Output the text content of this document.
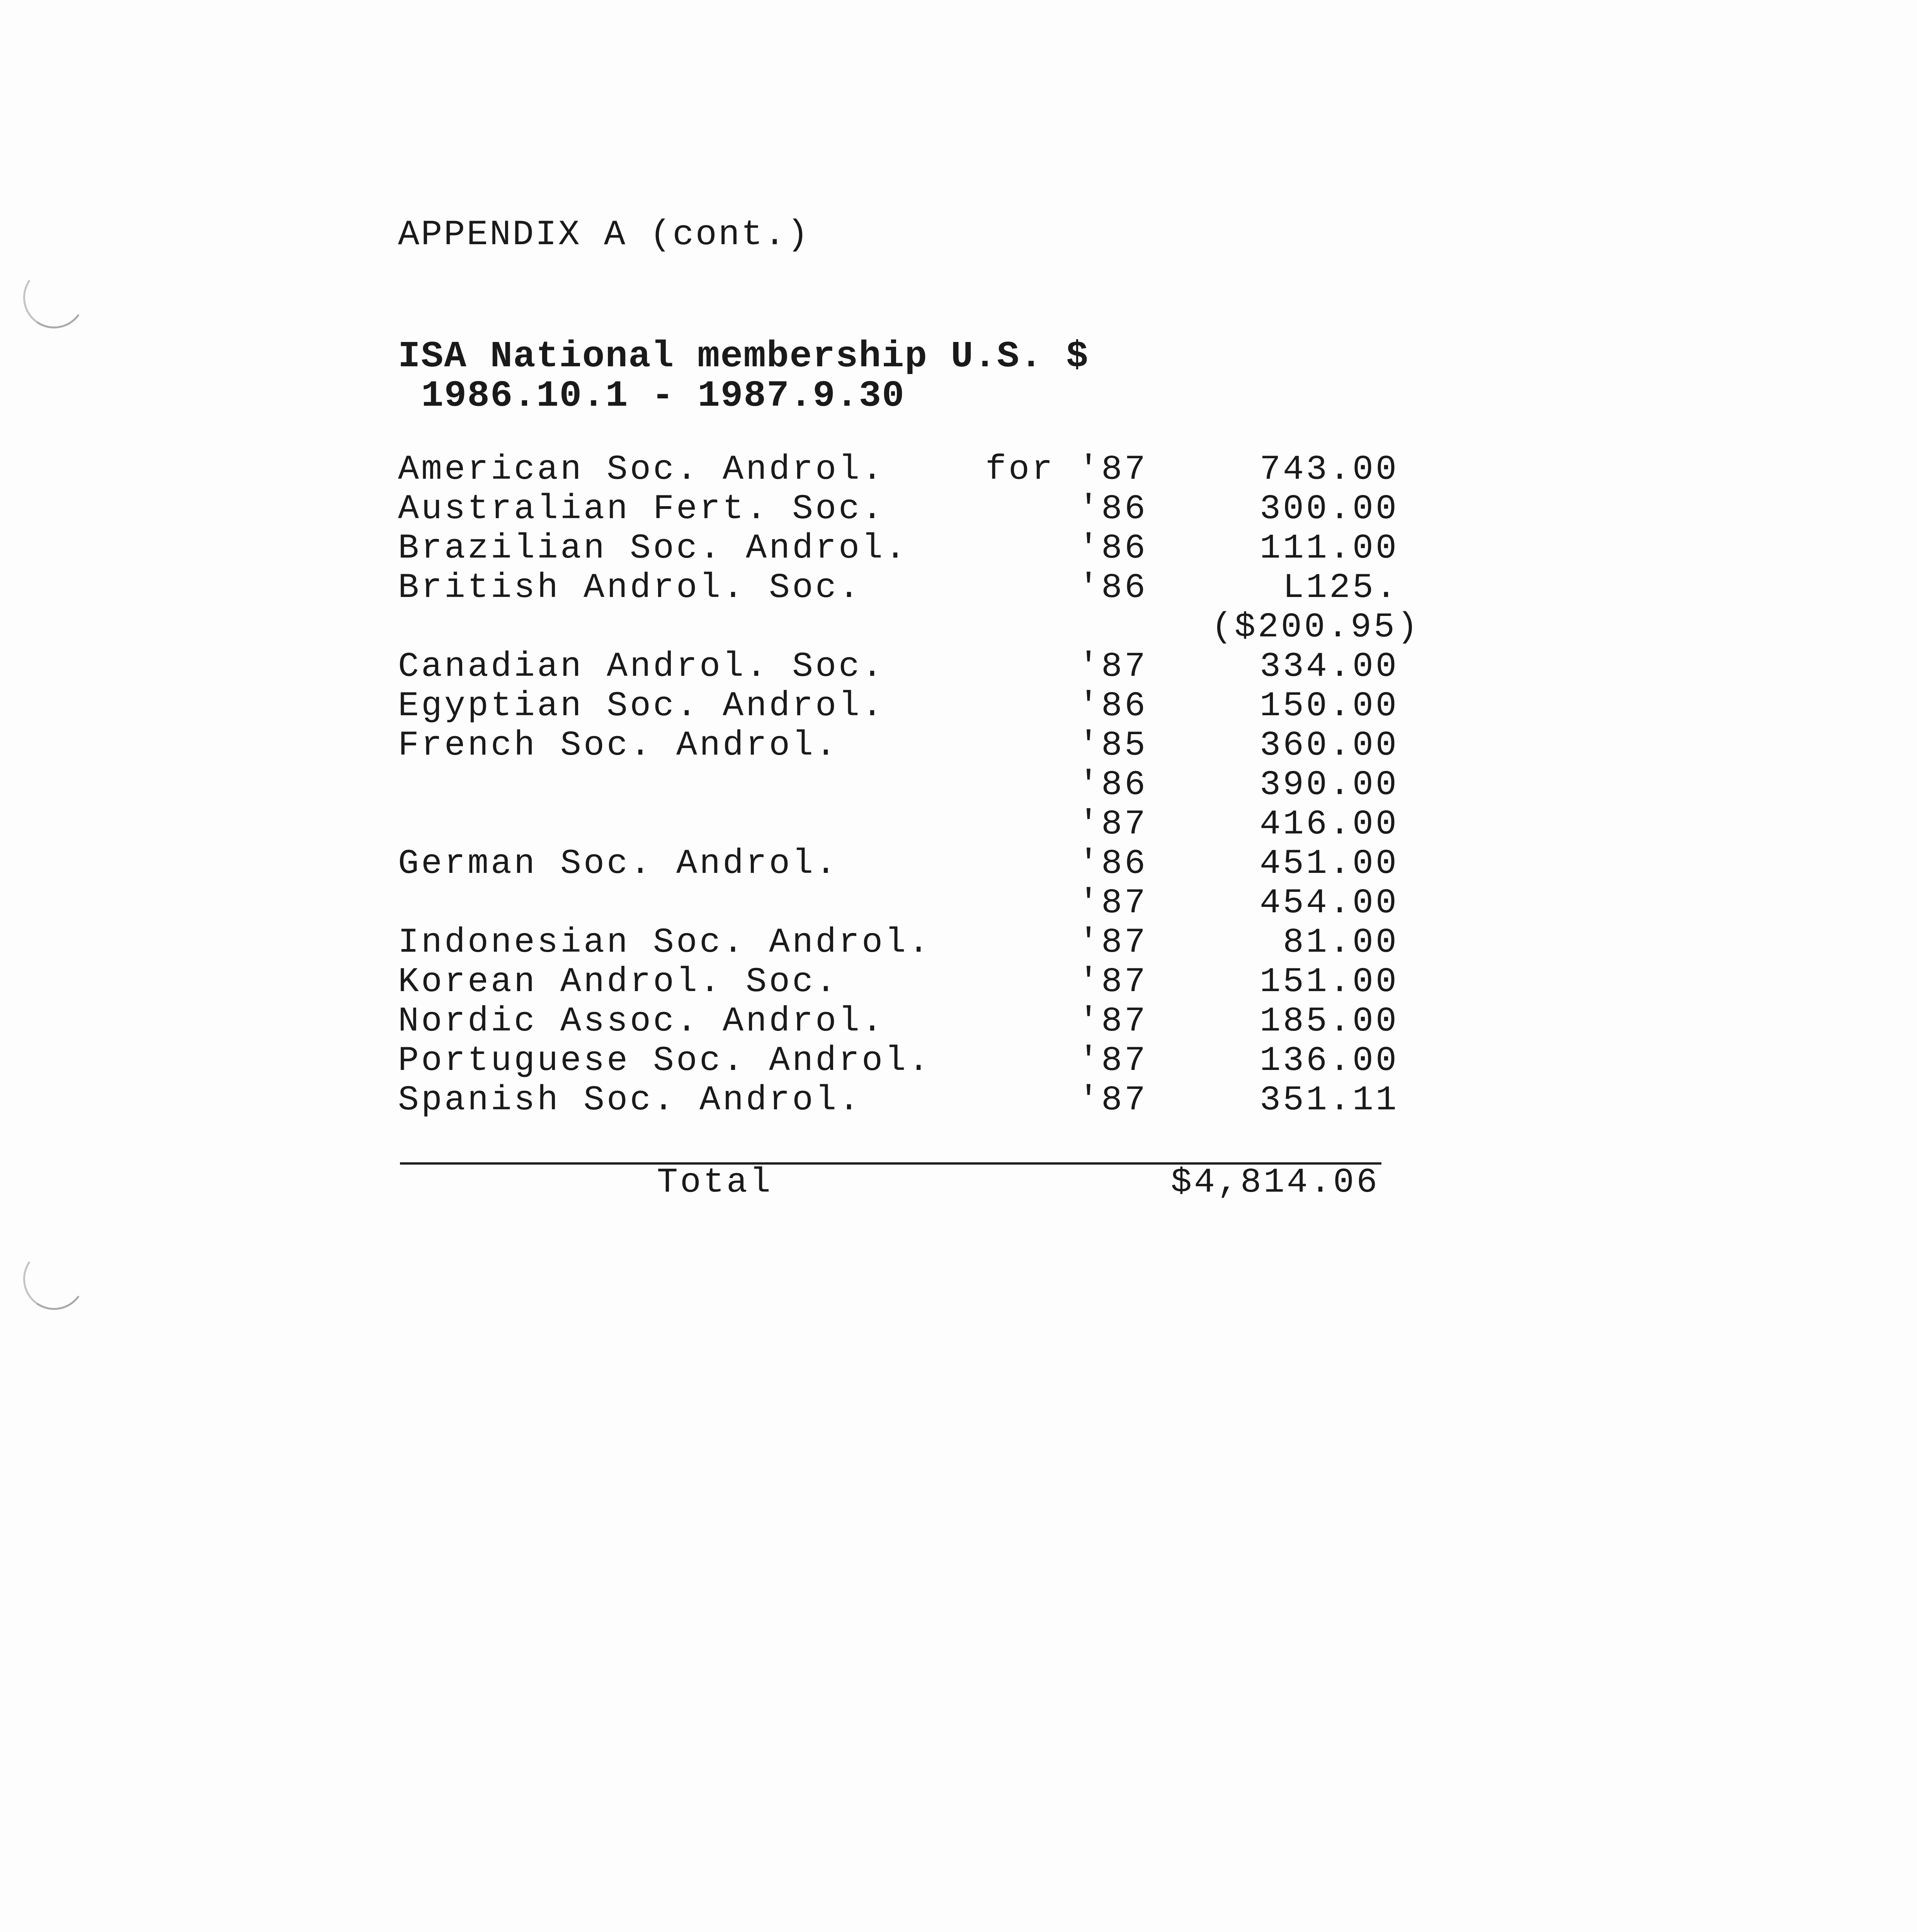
APPENDIX A (cont.)
ISA National membership U.S. $
1986.10.1 - 1987.9.30
American Soc. Androl.	for '87	743.00
Australian Fert. Soc.	'86	300.00
Brazilian Soc. Androl.	'86	111.00
British Androl. Soc.	'86	L125.
($200.95)
Canadian Androl. Soc.	'87	334.00
Egyptian Soc. Androl.	'86	150.00
French Soc. Androl.	'85	360.00
'86	390.00
'87	416.00
German Soc. Androl.	'86	451.00
'87	454.00
Indonesian Soc. Androl.	'87	81.00
Korean Androl. Soc.	'87	151.00
Nordic Assoc. Androl.	'87	185.00
Portuguese Soc. Androl.	'87	136.00
Spanish Soc. Androl.	'87	351.11
Total	$4,814.06
